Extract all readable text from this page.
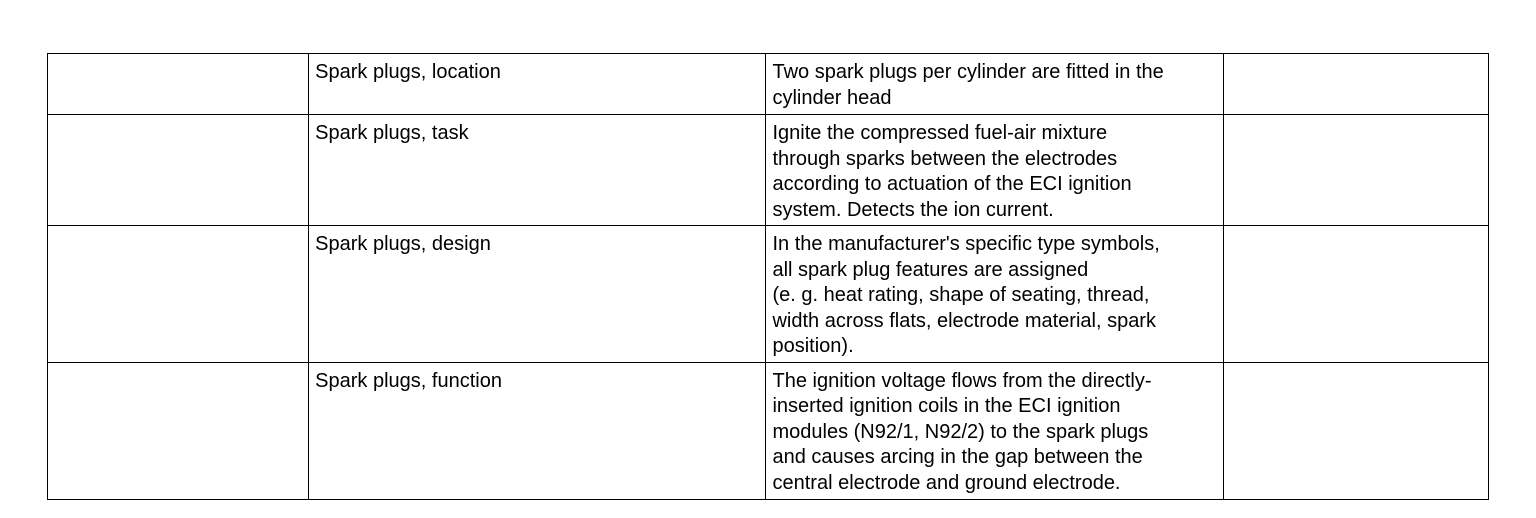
	Spark plugs, location	Two spark plugs per cylinder are fitted in the
cylinder head	

	Spark plugs, task	Ignite the compressed fuel-air mixture
through sparks between the electrodes
according to actuation of the ECI ignition
system. Detects the ion current.	

	Spark plugs, design	In the manufacturer's specific type symbols,
all spark plug features are assigned
(e. g. heat rating, shape of seating, thread,
width across flats, electrode material, spark
position).	

	Spark plugs, function	The ignition voltage flows from the directly-
inserted ignition coils in the ECI ignition
modules (N92/1, N92/2) to the spark plugs
and causes arcing in the gap between the
central electrode and ground electrode.	
